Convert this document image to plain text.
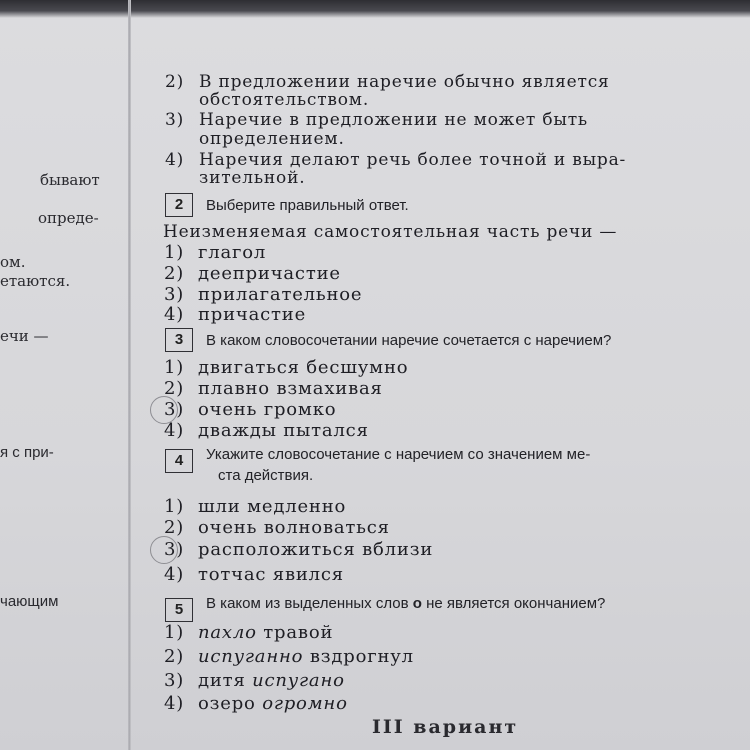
бывают
опреде-
ом.
етаются.
ечи —
я с при-
чающим
2) В предложении наречие обычно является
обстоятельством.
3) Наречие в предложении не может быть
определением.
4) Наречия делают речь более точной и выра-
зительной.
2	Выберите правильный ответ.
Неизменяемая самостоятельная часть речи —
1) глагол
2) деепричастие
3) прилагательное
4) причастие
3	В каком словосочетании наречие сочетается с наречием?
1) двигаться бесшумно
2) плавно взмахивая
3) очень громко
4) дважды пытался
4	Укажите словосочетание с наречием со значением ме-
ста действия.
1) шли медленно
2) очень волноваться
3) расположиться вблизи
4) тотчас явился
5	В каком из выделенных слов о не является окончанием?
1) пахло травой
2) испуганно вздрогнул
3) дитя испугано
4) озеро огромно
III вариант
